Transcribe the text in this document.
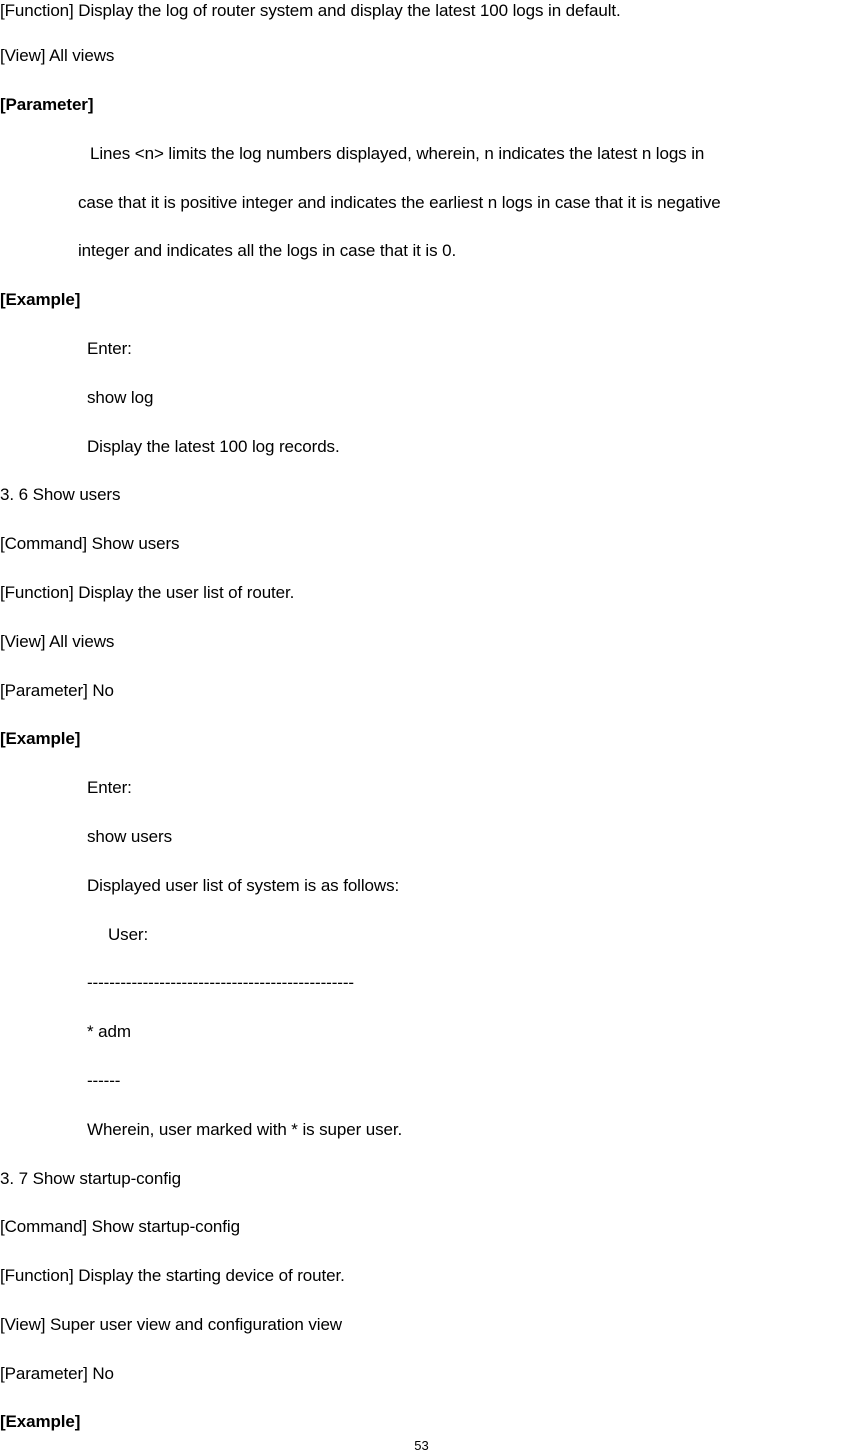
[Function] Display the log of router system and display the latest 100 logs in default.
[View] All views
[Parameter]
Lines <n> limits the log numbers displayed, wherein, n indicates the latest n logs in
case that it is positive integer and indicates the earliest n logs in case that it is negative
integer and indicates all the logs in case that it is 0.
[Example]
Enter:
show log
Display the latest 100 log records.
3. 6 Show users
[Command] Show users
[Function] Display the user list of router.
[View] All views
[Parameter] No
[Example]
Enter:
show users
Displayed user list of system is as follows:
User:
------------------------------------------------
* adm
------
Wherein, user marked with * is super user.
3. 7 Show startup-config
[Command] Show startup-config
[Function] Display the starting device of router.
[View] Super user view and configuration view
[Parameter] No
[Example]
53
